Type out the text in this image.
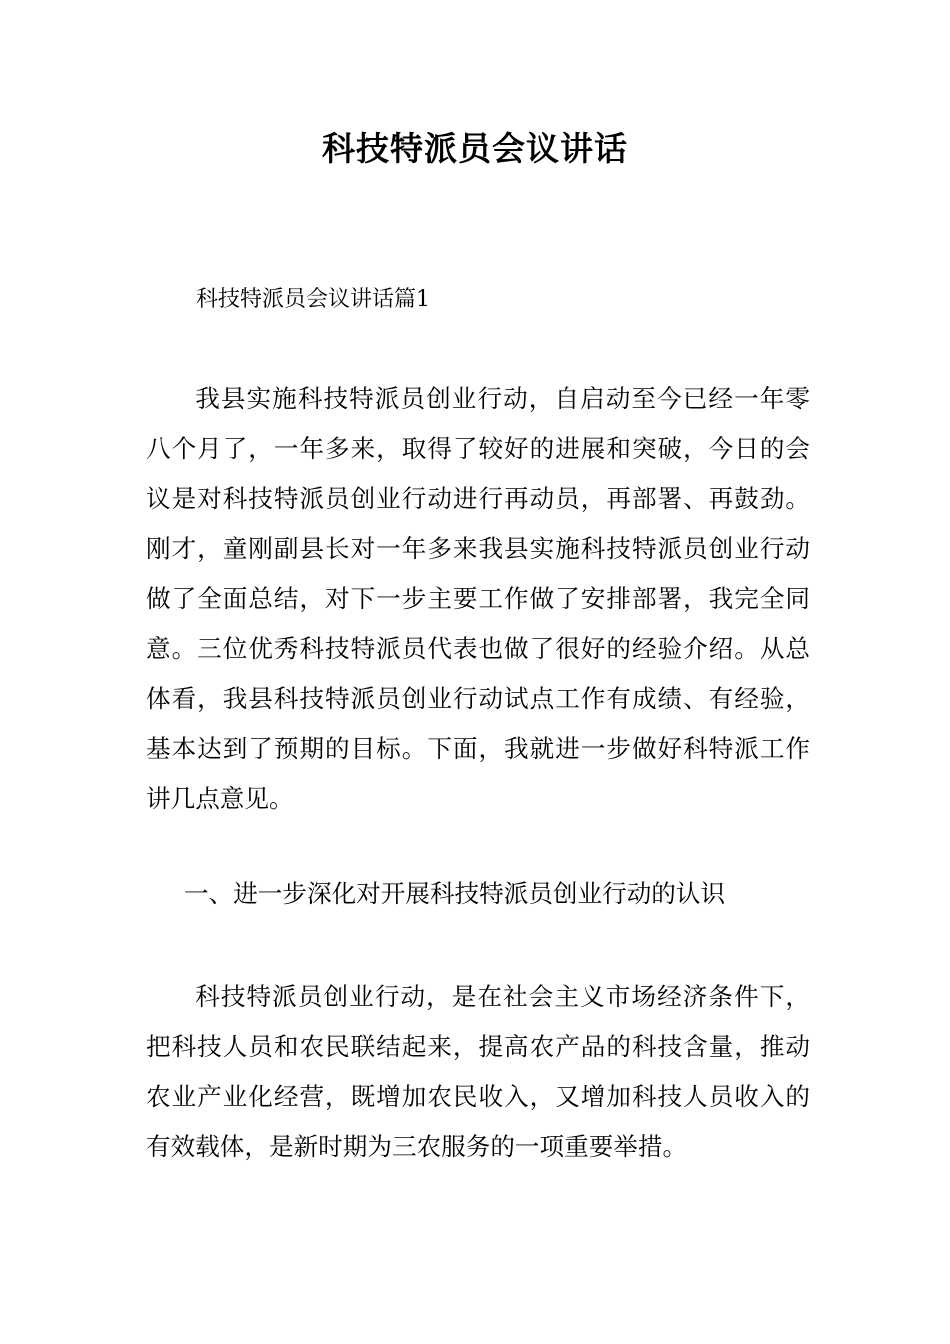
科技特派员会议讲话

科技特派员会议讲话篇1

我县实施科技特派员创业行动，自启动至今已经一年零八个月了，一年多来，取得了较好的进展和突破，今日的会议是对科技特派员创业行动进行再动员，再部署、再鼓劲。刚才，童刚副县长对一年多来我县实施科技特派员创业行动做了全面总结，对下一步主要工作做了安排部署，我完全同意。三位优秀科技特派员代表也做了很好的经验介绍。从总体看，我县科技特派员创业行动试点工作有成绩、有经验，基本达到了预期的目标。下面，我就进一步做好科特派工作讲几点意见。

一、进一步深化对开展科技特派员创业行动的认识

科技特派员创业行动，是在社会主义市场经济条件下，把科技人员和农民联结起来，提高农产品的科技含量，推动农业产业化经营，既增加农民收入，又增加科技人员收入的有效载体，是新时期为三农服务的一项重要举措。
